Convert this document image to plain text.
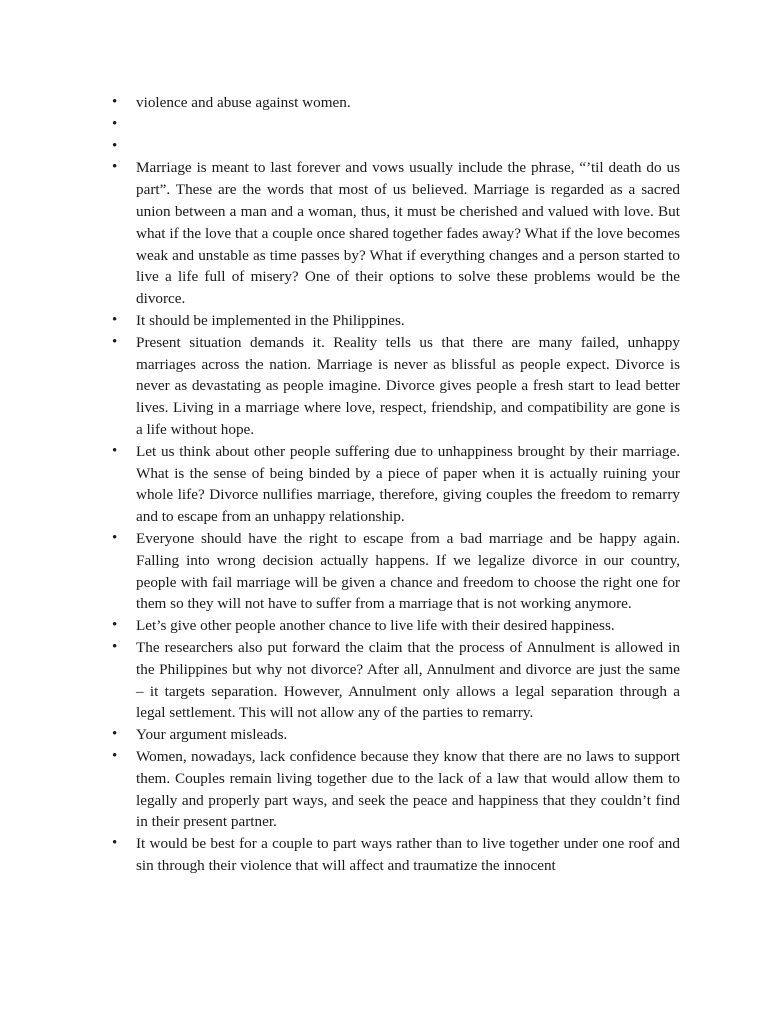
•	violence and abuse against women.
•
•
•	Marriage is meant to last forever and vows usually include the phrase, “’til death do us part”. These are the words that most of us believed. Marriage is regarded as a sacred union between a man and a woman, thus, it must be cherished and valued with love. But what if the love that a couple once shared together fades away? What if the love becomes weak and unstable as time passes by? What if everything changes and a person started to live a life full of misery? One of their options to solve these problems would be the divorce.
•	It should be implemented in the Philippines.
•	Present situation demands it. Reality tells us that there are many failed, unhappy marriages across the nation. Marriage is never as blissful as people expect. Divorce is never as devastating as people imagine. Divorce gives people a fresh start to lead better lives. Living in a marriage where love, respect, friendship, and compatibility are gone is a life without hope.
•	Let us think about other people suffering due to unhappiness brought by their marriage. What is the sense of being binded by a piece of paper when it is actually ruining your whole life? Divorce nullifies marriage, therefore, giving couples the freedom to remarry and to escape from an unhappy relationship.
•	Everyone should have the right to escape from a bad marriage and be happy again. Falling into wrong decision actually happens. If we legalize divorce in our country, people with fail marriage will be given a chance and freedom to choose the right one for them so they will not have to suffer from a marriage that is not working anymore.
•	Let’s give other people another chance to live life with their desired happiness.
•	The researchers also put forward the claim that the process of Annulment is allowed in the Philippines but why not divorce? After all, Annulment and divorce are just the same – it targets separation. However, Annulment only allows a legal separation through a legal settlement. This will not allow any of the parties to remarry.
•	Your argument misleads.
•	Women, nowadays, lack confidence because they know that there are no laws to support them. Couples remain living together due to the lack of a law that would allow them to legally and properly part ways, and seek the peace and happiness that they couldn’t find in their present partner.
•	It would be best for a couple to part ways rather than to live together under one roof and sin through their violence that will affect and traumatize the innocent
